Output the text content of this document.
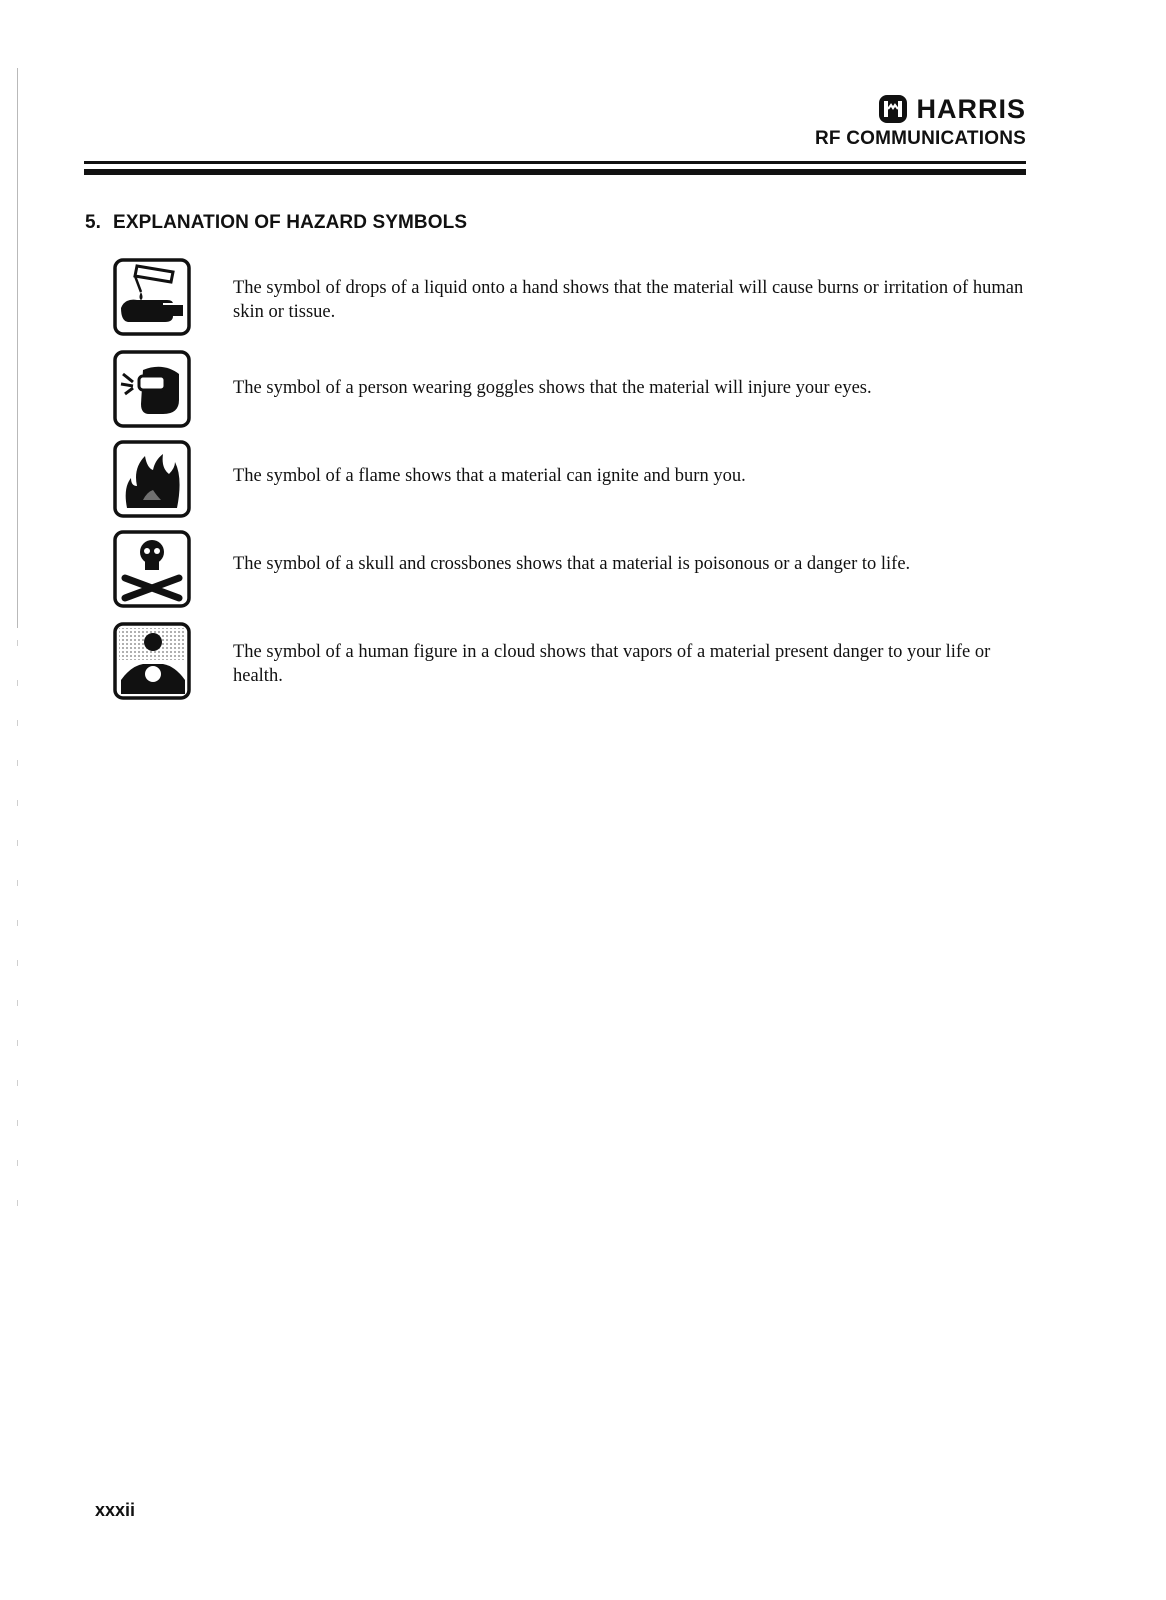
HARRIS
RF COMMUNICATIONS
5. EXPLANATION OF HAZARD SYMBOLS
The symbol of drops of a liquid onto a hand shows that the material will cause burns or irritation of human skin or tissue.
The symbol of a person wearing goggles shows that the material will injure your eyes.
The symbol of a flame shows that a material can ignite and burn you.
The symbol of a skull and crossbones shows that a material is poisonous or a danger to life.
The symbol of a human figure in a cloud shows that vapors of a material present danger to your life or health.
xxxii
